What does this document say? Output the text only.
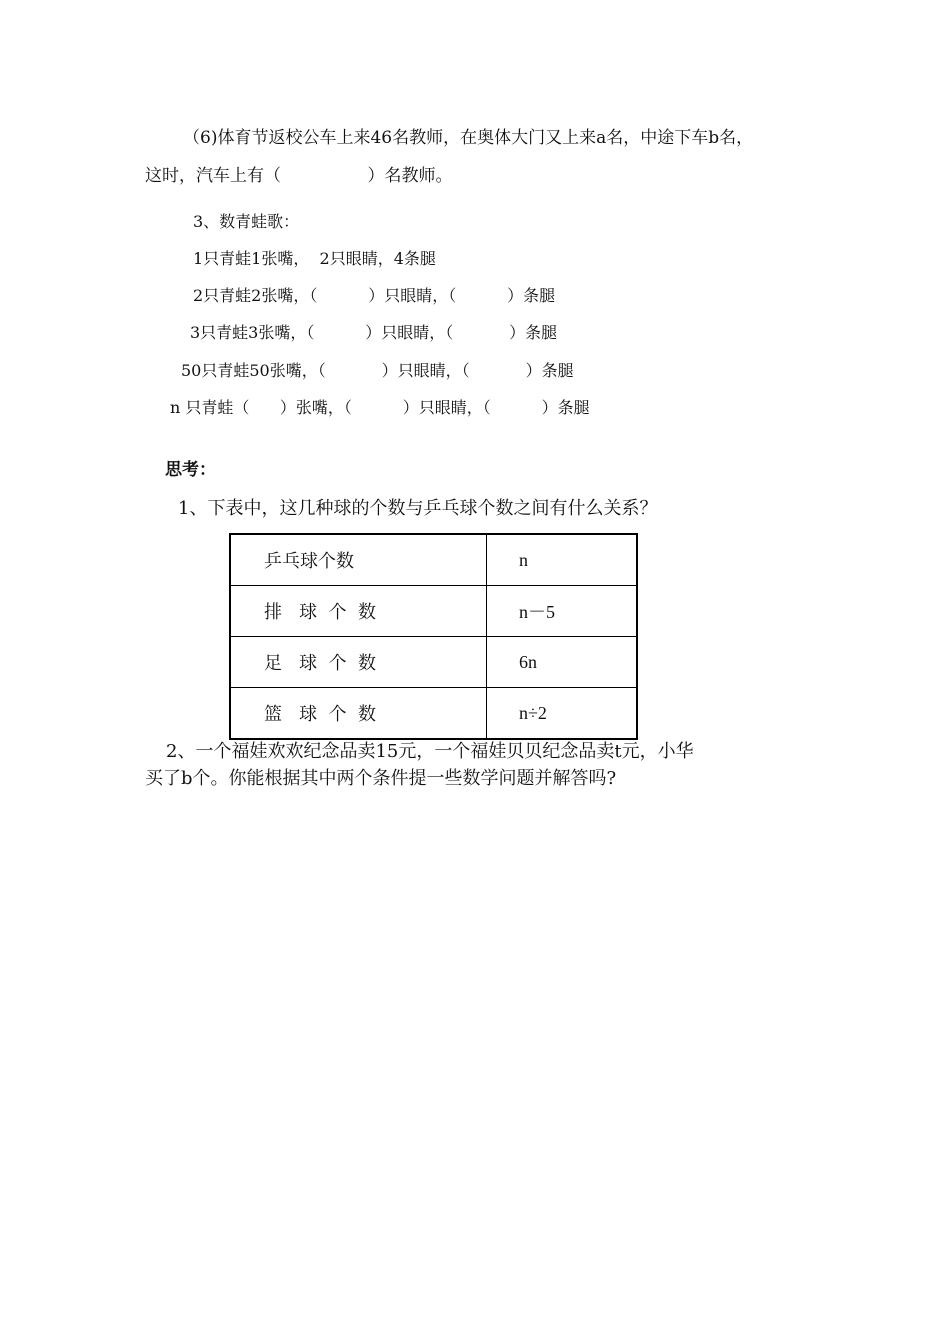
（6)体育节返校公车上来46名教师，在奥体大门又上来a名，中途下车b名，
这时，汽车上有（                ）名教师。
3、数青蛙歌：
1只青蛙1张嘴，  2只眼睛，4条腿
2只青蛙2张嘴，（          ）只眼睛，（          ）条腿
3只青蛙3张嘴，（          ）只眼睛，（           ）条腿
50只青蛙50张嘴，（           ）只眼睛，（           ）条腿
n 只青蛙（      ）张嘴，（          ）只眼睛，（          ）条腿
思考：
1、下表中，这几种球的个数与乒乓球个数之间有什么关系？
乒乓球个数	n
排   球  个  数	n－5
足   球  个  数	6n
篮   球  个  数	n÷2
2、一个福娃欢欢纪念品卖15元，一个福娃贝贝纪念品卖t元，小华
买了b个。你能根据其中两个条件提一些数学问题并解答吗?
